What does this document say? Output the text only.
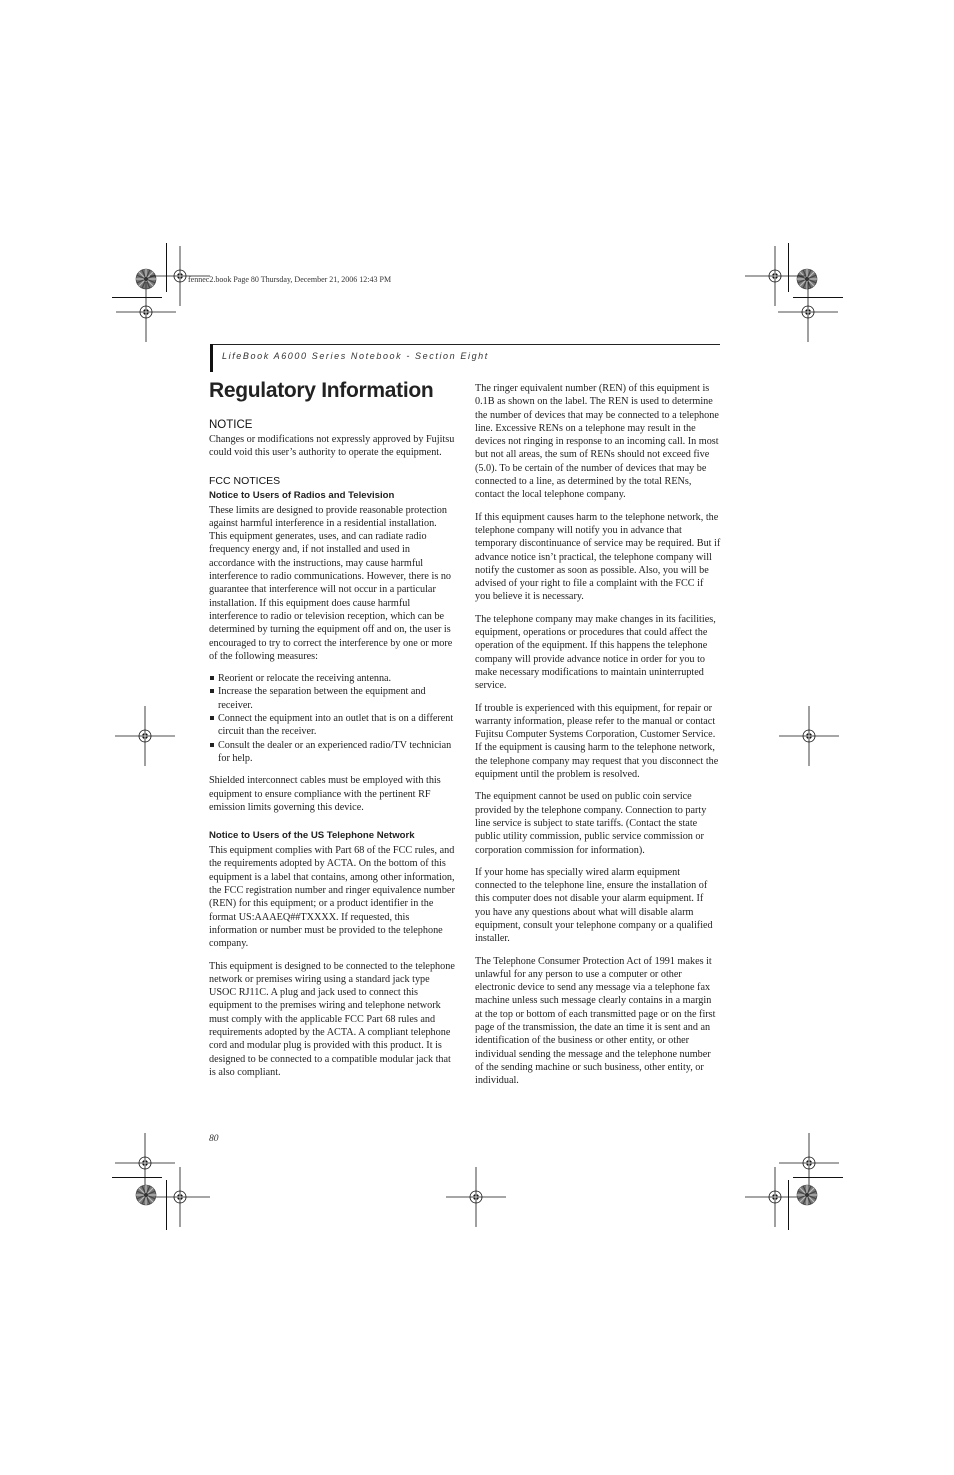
fennec2.book Page 80 Thursday, December 21, 2006 12:43 PM
LifeBook A6000 Series Notebook - Section Eight
Regulatory Information
NOTICE

Changes or modifications not expressly approved by Fujitsu could void this user’s authority to operate the equipment.

FCC NOTICES
Notice to Users of Radios and Television

These limits are designed to provide reasonable protection against harmful interference in a residential installation. This equipment generates, uses, and can radiate radio frequency energy and, if not installed and used in accordance with the instructions, may cause harmful interference to radio communications. However, there is no guarantee that interference will not occur in a particular installation. If this equipment does cause harmful interference to radio or television reception, which can be determined by turning the equipment off and on, the user is encouraged to try to correct the interference by one or more of the following measures:

Reorient or relocate the receiving antenna.
Increase the separation between the equipment and receiver.
Connect the equipment into an outlet that is on a different circuit than the receiver.
Consult the dealer or an experienced radio/TV technician for help.

Shielded interconnect cables must be employed with this equipment to ensure compliance with the pertinent RF emission limits governing this device.

Notice to Users of the US Telephone Network

This equipment complies with Part 68 of the FCC rules, and the requirements adopted by ACTA. On the bottom of this equipment is a label that contains, among other information, the FCC registration number and ringer equivalence number (REN) for this equipment; or a product identifier in the format US:AAAEQ##TXXXX. If requested, this information or number must be provided to the telephone company.

This equipment is designed to be connected to the telephone network or premises wiring using a standard jack type USOC RJ11C. A plug and jack used to connect this equipment to the premises wiring and telephone network must comply with the applicable FCC Part 68 rules and requirements adopted by the ACTA. A compliant telephone cord and modular plug is provided with this product. It is designed to be connected to a compatible modular jack that is also compliant.

The ringer equivalent number (REN) of this equipment is 0.1B as shown on the label. The REN is used to determine the number of devices that may be connected to a telephone line. Excessive RENs on a telephone may result in the devices not ringing in response to an incoming call. In most but not all areas, the sum of RENs should not exceed five (5.0). To be certain of the number of devices that may be connected to a line, as determined by the total RENs, contact the local telephone company.

If this equipment causes harm to the telephone network, the telephone company will notify you in advance that temporary discontinuance of service may be required. But if advance notice isn’t practical, the telephone company will notify the customer as soon as possible. Also, you will be advised of your right to file a complaint with the FCC if you believe it is necessary.

The telephone company may make changes in its facilities, equipment, operations or procedures that could affect the operation of the equipment. If this happens the telephone company will provide advance notice in order for you to make necessary modifications to maintain uninterrupted service.

If trouble is experienced with this equipment, for repair or warranty information, please refer to the manual or contact Fujitsu Computer Systems Corporation, Customer Service. If the equipment is causing harm to the telephone network, the telephone company may request that you disconnect the equipment until the problem is resolved.

The equipment cannot be used on public coin service provided by the telephone company. Connection to party line service is subject to state tariffs. (Contact the state public utility commission, public service commission or corporation commission for information).

If your home has specially wired alarm equipment connected to the telephone line, ensure the installation of this computer does not disable your alarm equipment. If you have any questions about what will disable alarm equipment, consult your telephone company or a qualified installer.

The Telephone Consumer Protection Act of 1991 makes it unlawful for any person to use a computer or other electronic device to send any message via a telephone fax machine unless such message clearly contains in a margin at the top or bottom of each transmitted page or on the first page of the transmission, the date an time it is sent and an identification of the business or other entity, or other individual sending the message and the telephone number of the sending machine or such business, other entity, or individual.

80
